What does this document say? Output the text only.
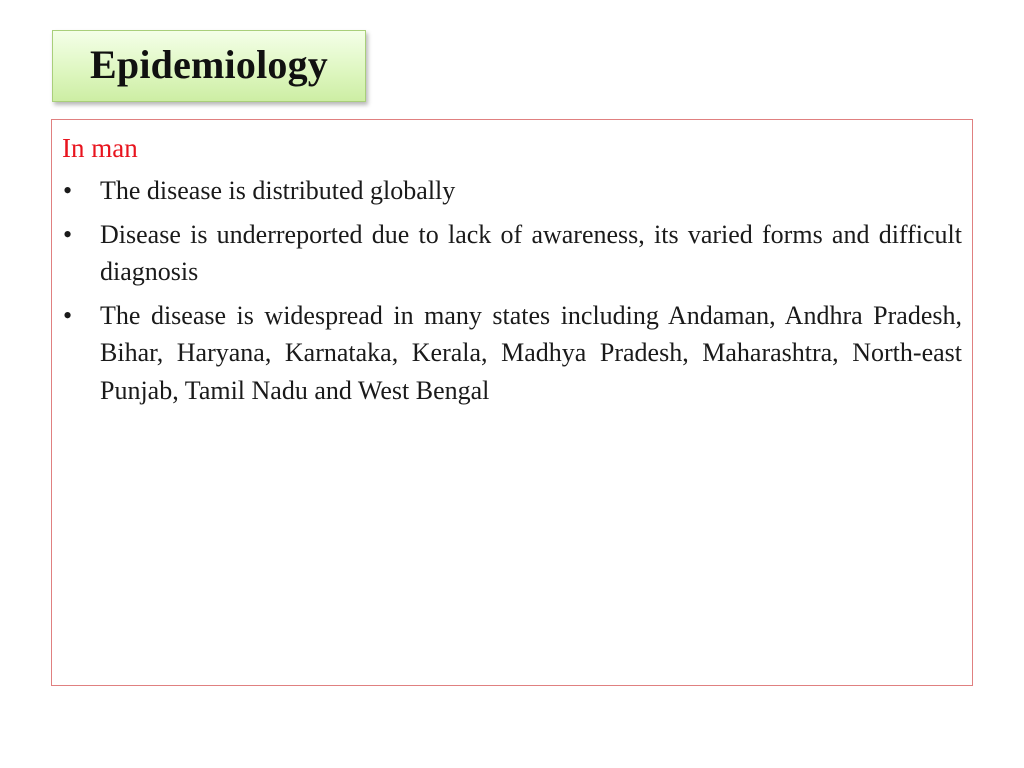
Epidemiology
In man
•	The disease is distributed globally
•	Disease is underreported due to lack of awareness, its varied forms and difficult diagnosis
•	The disease is widespread in many states including Andaman, Andhra Pradesh, Bihar, Haryana, Karnataka, Kerala, Madhya Pradesh, Maharashtra, North-east Punjab, Tamil Nadu and West Bengal
